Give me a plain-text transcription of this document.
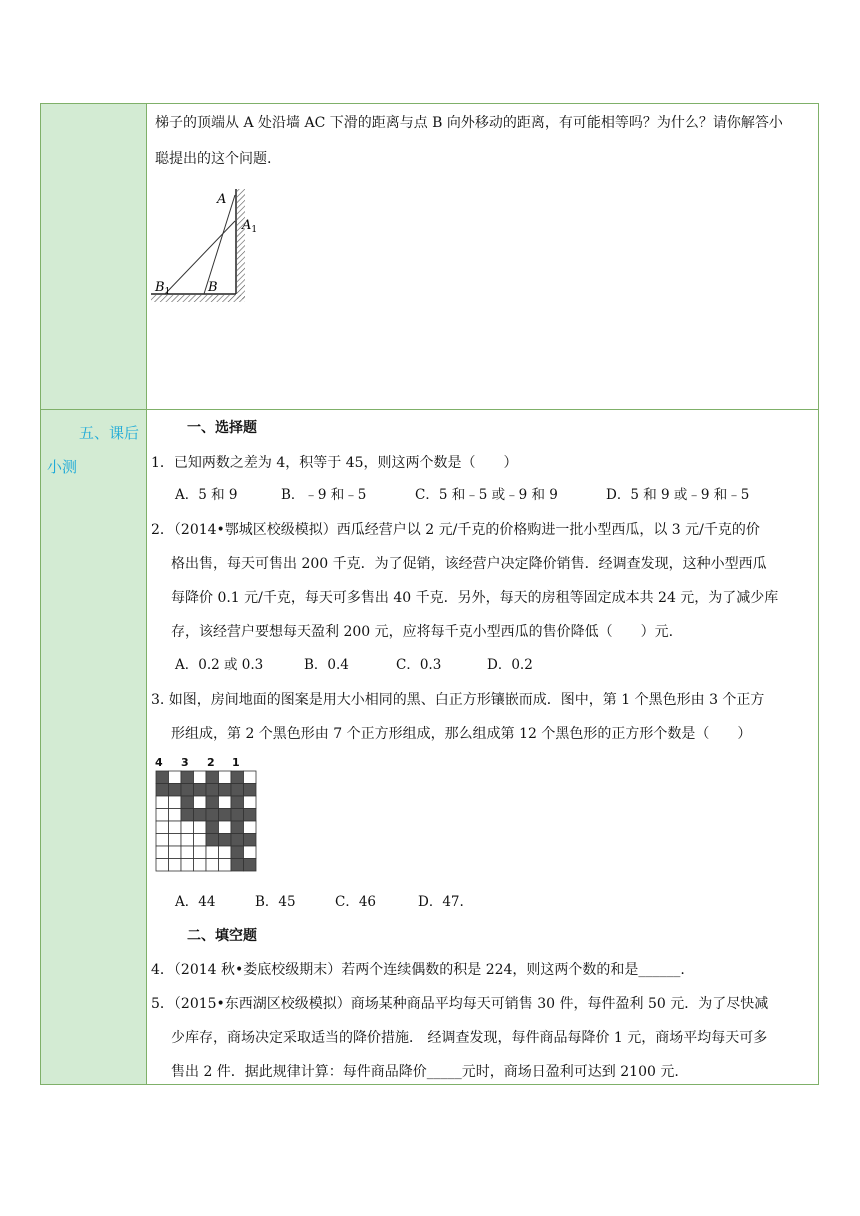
梯子的顶端从 A 处沿墙 AC 下滑的距离与点 B 向外移动的距离，有可能相等吗？为什么？请你解答小
聪提出的这个问题.
A
$A_1$
$B_1$	B
五、课后
小测
一、选择题
1．已知两数之差为 4，积等于 45，则这两个数是（　　）
A．5 和 9	B．﹣9 和﹣5	C．5 和﹣5 或﹣9 和 9	D．5 和 9 或﹣9 和﹣5
2．（2014•鄂城区校级模拟）西瓜经营户以 2 元/千克的价格购进一批小型西瓜，以 3 元/千克的价
格出售，每天可售出 200 千克．为了促销，该经营户决定降价销售．经调查发现，这种小型西瓜
每降价 0.1 元/千克，每天可多售出 40 千克．另外，每天的房租等固定成本共 24 元，为了减少库
存，该经营户要想每天盈利 200 元，应将每千克小型西瓜的售价降低（　　）元.
A．0.2 或 0.3	B．0.4	C．0.3	D．0.2
3. 如图，房间地面的图案是用大小相同的黑、白正方形镶嵌而成．图中，第 1 个黑色形由 3 个正方
形组成，第 2 个黑色形由 7 个正方形组成，那么组成第 12 个黑色形的正方形个数是（　　）
4 3 2 1
A．44	B．45	C．46	D．47.
二、填空题
4．（2014 秋•娄底校级期末）若两个连续偶数的积是 224，则这两个数的和是______.
5．（2015•东西湖区校级模拟）商场某种商品平均每天可销售 30 件，每件盈利 50 元．为了尽快减
少库存，商场决定采取适当的降价措施． 经调查发现，每件商品每降价 1 元，商场平均每天可多
售出 2 件．据此规律计算：每件商品降价_____元时，商场日盈利可达到 2100 元.
